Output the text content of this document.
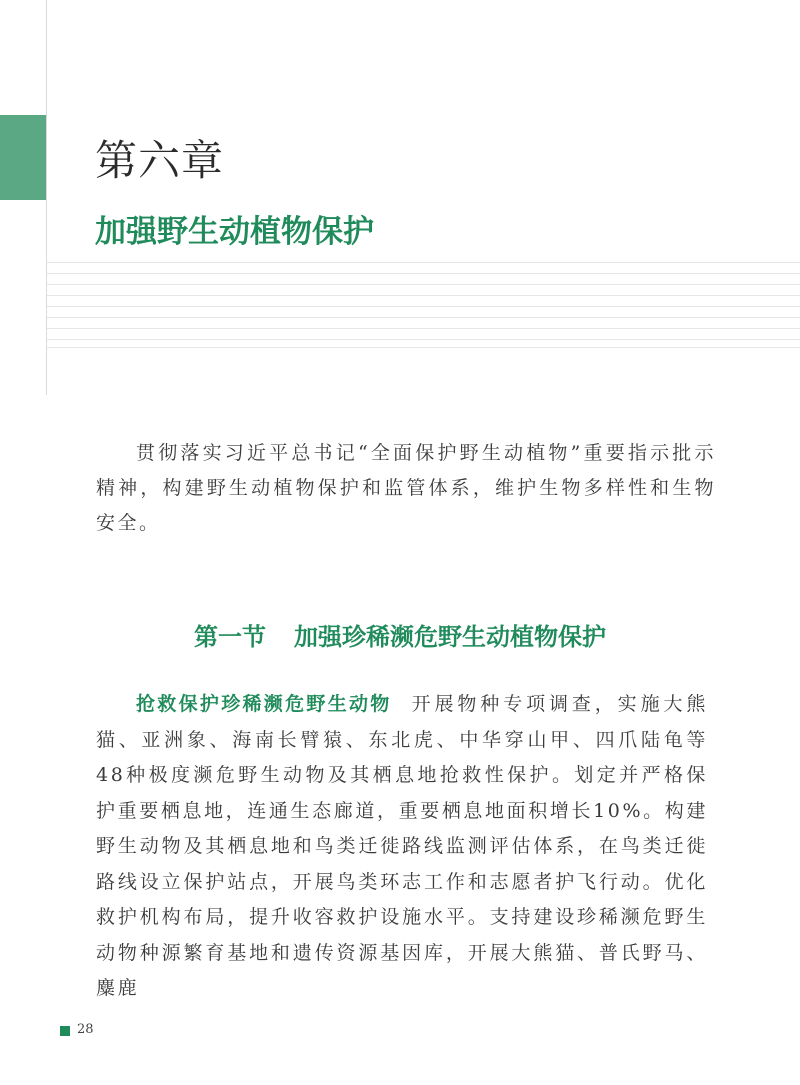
第六章
加强野生动植物保护

贯彻落实习近平总书记“全面保护野生动植物”重要指示批示精神，构建野生动植物保护和监管体系，维护生物多样性和生物安全。

第一节 加强珍稀濒危野生动植物保护

抢救保护珍稀濒危野生动物 开展物种专项调查，实施大熊猫、亚洲象、海南长臂猿、东北虎、中华穿山甲、四爪陆龟等48种极度濒危野生动物及其栖息地抢救性保护。划定并严格保护重要栖息地，连通生态廊道，重要栖息地面积增长10%。构建野生动物及其栖息地和鸟类迁徙路线监测评估体系，在鸟类迁徙路线设立保护站点，开展鸟类环志工作和志愿者护飞行动。优化救护机构布局，提升收容救护设施水平。支持建设珍稀濒危野生动物种源繁育基地和遗传资源基因库，开展大熊猫、普氏野马、麋鹿

28
